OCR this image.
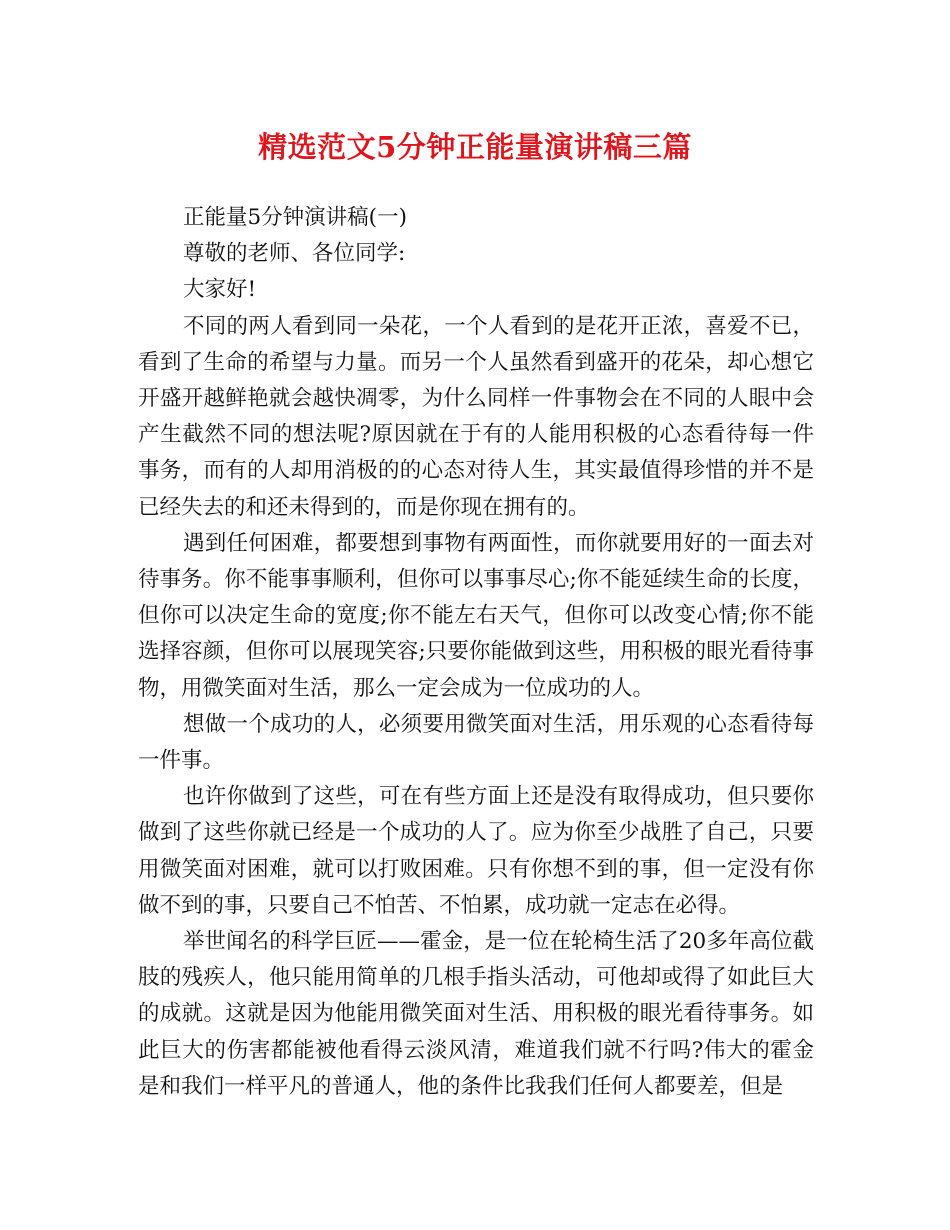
精选范文5分钟正能量演讲稿三篇

正能量5分钟演讲稿(一)

尊敬的老师、各位同学:

大家好!

不同的两人看到同一朵花，一个人看到的是花开正浓，喜爱不已，看到了生命的希望与力量。而另一个人虽然看到盛开的花朵，却心想它开盛开越鲜艳就会越快凋零，为什么同样一件事物会在不同的人眼中会产生截然不同的想法呢?原因就在于有的人能用积极的心态看待每一件事务，而有的人却用消极的的心态对待人生，其实最值得珍惜的并不是已经失去的和还未得到的，而是你现在拥有的。

遇到任何困难，都要想到事物有两面性，而你就要用好的一面去对待事务。你不能事事顺利，但你可以事事尽心;你不能延续生命的长度，但你可以决定生命的宽度;你不能左右天气，但你可以改变心情;你不能选择容颜，但你可以展现笑容;只要你能做到这些，用积极的眼光看待事物，用微笑面对生活，那么一定会成为一位成功的人。

想做一个成功的人，必须要用微笑面对生活，用乐观的心态看待每一件事。

也许你做到了这些，可在有些方面上还是没有取得成功，但只要你做到了这些你就已经是一个成功的人了。应为你至少战胜了自己，只要用微笑面对困难，就可以打败困难。只有你想不到的事，但一定没有你做不到的事，只要自己不怕苦、不怕累，成功就一定志在必得。

举世闻名的科学巨匠——霍金，是一位在轮椅生活了20多年高位截肢的残疾人，他只能用简单的几根手指头活动，可他却或得了如此巨大的成就。这就是因为他能用微笑面对生活、用积极的眼光看待事务。如此巨大的伤害都能被他看得云淡风清，难道我们就不行吗?伟大的霍金是和我们一样平凡的普通人，他的条件比我我们任何人都要差，但是
